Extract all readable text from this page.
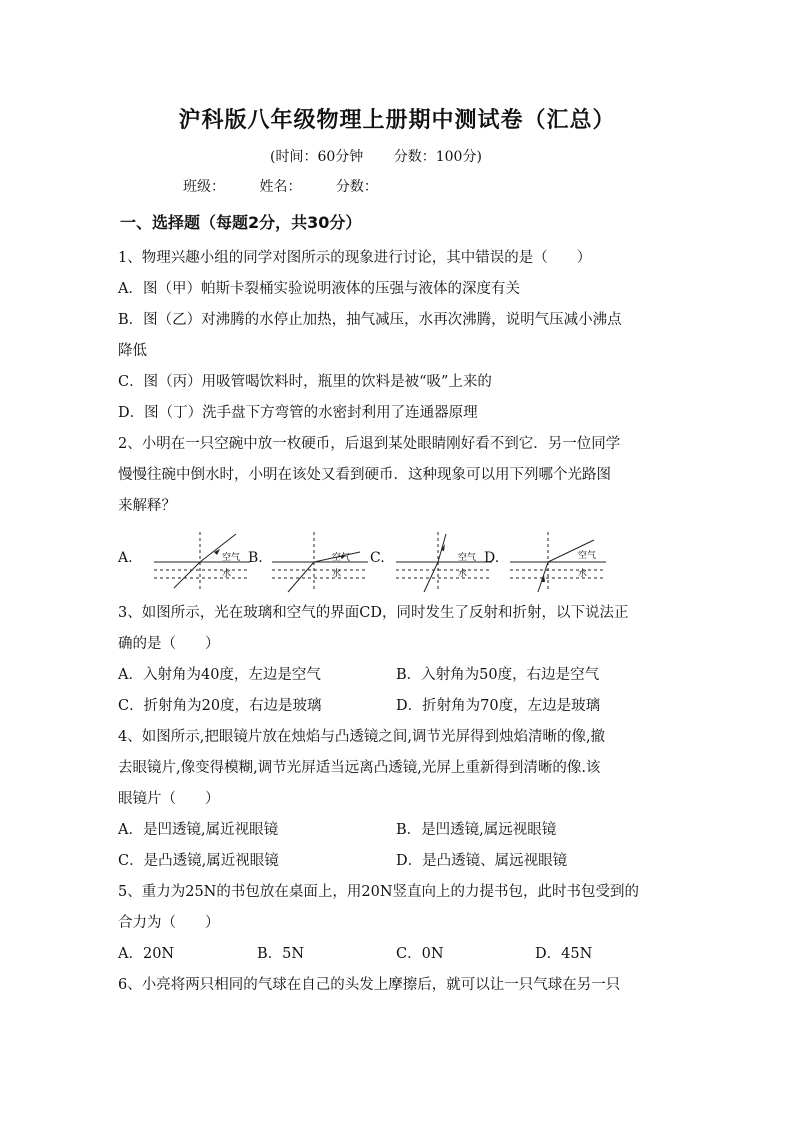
沪科版八年级物理上册期中测试卷（汇总）
(时间：60分钟 分数：100分)
班级： 姓名： 分数：
一、选择题（每题2分，共30分）
1、物理兴趣小组的同学对图所示的现象进行讨论，其中错误的是（　　）
A．图（甲）帕斯卡裂桶实验说明液体的压强与液体的深度有关
B．图（乙）对沸腾的水停止加热，抽气减压，水再次沸腾，说明气压减小沸点
降低
C．图（丙）用吸管喝饮料时，瓶里的饮料是被“吸”上来的
D．图（丁）洗手盘下方弯管的水密封利用了连通器原理
2、小明在一只空碗中放一枚硬币，后退到某处眼睛刚好看不到它．另一位同学
慢慢往碗中倒水时，小明在该处又看到硬币．这种现象可以用下列哪个光路图
来解释？
A.	空气
水
B.	空气
水
C.	空气
水
D.	空气
水
3、如图所示，光在玻璃和空气的界面CD，同时发生了反射和折射，以下说法正
确的是（　　）
A．入射角为40度，左边是空气	B．入射角为50度，右边是空气
C．折射角为20度，右边是玻璃	D．折射角为70度，左边是玻璃
4、如图所示,把眼镜片放在烛焰与凸透镜之间,调节光屏得到烛焰清晰的像,撤
去眼镜片,像变得模糊,调节光屏适当远离凸透镜,光屏上重新得到清晰的像.该
眼镜片（　　）
A．是凹透镜,属近视眼镜	B．是凹透镜,属远视眼镜
C．是凸透镜,属近视眼镜	D．是凸透镜、属远视眼镜
5、重力为25N的书包放在桌面上，用20N竖直向上的力提书包，此时书包受到的
合力为（　　）
A．20N	B．5N	C．0N	D．45N
6、小亮将两只相同的气球在自己的头发上摩擦后，就可以让一只气球在另一只
